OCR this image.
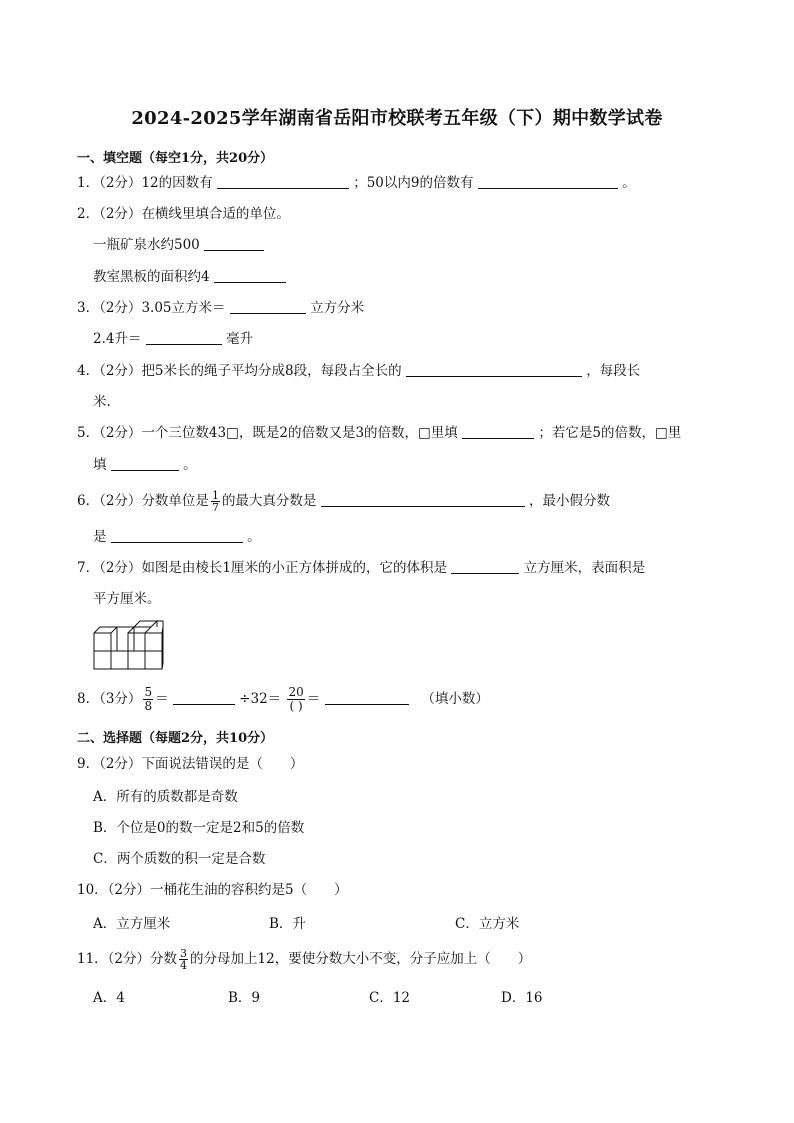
2024-2025学年湖南省岳阳市校联考五年级（下）期中数学试卷
一、填空题（每空1分，共20分）
1．（2分）12的因数有	；50以内9的倍数有	。
2．（2分）在横线里填合适的单位。
一瓶矿泉水约500
教室黑板的面积约4
3．（2分）3.05立方米＝	立方分米
2.4升＝	毫升
4．（2分）把5米长的绳子平均分成8段，每段占全长的	，每段长
米.
5．（2分）一个三位数43□，既是2的倍数又是3的倍数，□里填	；若它是5的倍数，□里
填	。
6．（2分）分数单位是 $\frac{1}{7}$ 的最大真分数是	，最小假分数
是	。
7．（2分）如图是由棱长1厘米的小正方体拼成的，它的体积是	立方厘米，表面积是
平方厘米。
8．（3分） $\frac{5}{8}$ ＝	$\div 32= \frac{20}{( )}$ ＝	（填小数）
二、选择题（每题2分，共10分）
9．（2分）下面说法错误的是（　　）
A．所有的质数都是奇数
B．个位是0的数一定是2和5的倍数
C．两个质数的积一定是合数
10．（2分）一桶花生油的容积约是5（　　）
A．立方厘米	B．升	C．立方米
11．（2分）分数 $\frac{3}{4}$ 的分母加上12，要使分数大小不变，分子应加上（　　）
A．4	B．9	C．12	D．16
